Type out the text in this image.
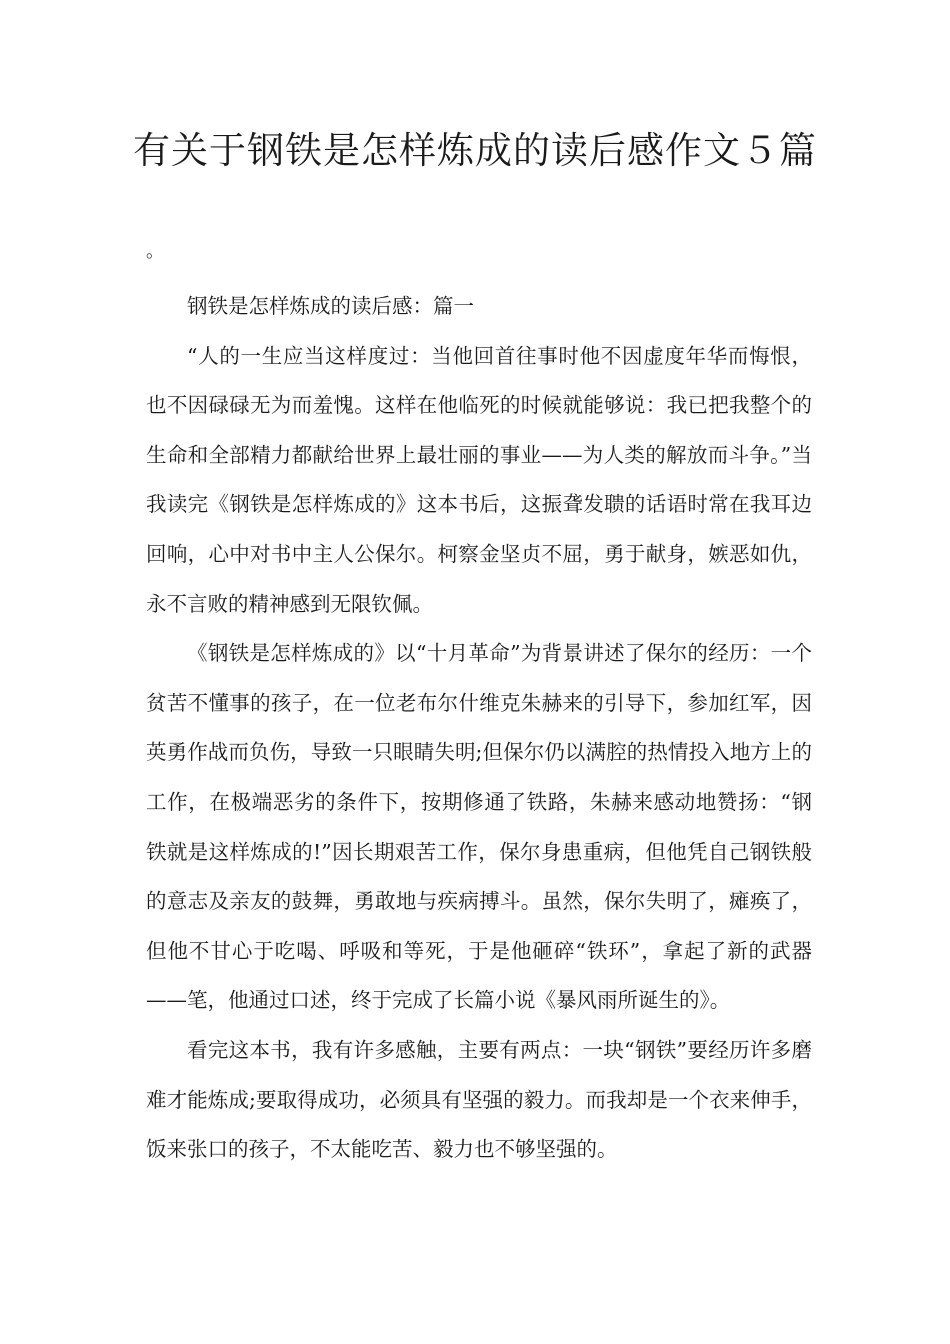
有关于钢铁是怎样炼成的读后感作文５篇
。

钢铁是怎样炼成的读后感：篇一

“人的一生应当这样度过：当他回首往事时他不因虚度年华而悔恨，也不因碌碌无为而羞愧。这样在他临死的时候就能够说：我已把我整个的生命和全部精力都献给世界上最壮丽的事业——为人类的解放而斗争。”当我读完《钢铁是怎样炼成的》这本书后，这振聋发聩的话语时常在我耳边回响，心中对书中主人公保尔。柯察金坚贞不屈，勇于献身，嫉恶如仇，永不言败的精神感到无限钦佩。

《钢铁是怎样炼成的》以“十月革命”为背景讲述了保尔的经历：一个贫苦不懂事的孩子，在一位老布尔什维克朱赫来的引导下，参加红军，因英勇作战而负伤，导致一只眼睛失明;但保尔仍以满腔的热情投入地方上的工作，在极端恶劣的条件下，按期修通了铁路，朱赫来感动地赞扬：“钢铁就是这样炼成的!”因长期艰苦工作，保尔身患重病，但他凭自己钢铁般的意志及亲友的鼓舞，勇敢地与疾病搏斗。虽然，保尔失明了，瘫痪了，但他不甘心于吃喝、呼吸和等死，于是他砸碎“铁环”，拿起了新的武器——笔，他通过口述，终于完成了长篇小说《暴风雨所诞生的》。

看完这本书，我有许多感触，主要有两点：一块“钢铁”要经历许多磨难才能炼成;要取得成功，必须具有坚强的毅力。而我却是一个衣来伸手，饭来张口的孩子，不太能吃苦、毅力也不够坚强的。
